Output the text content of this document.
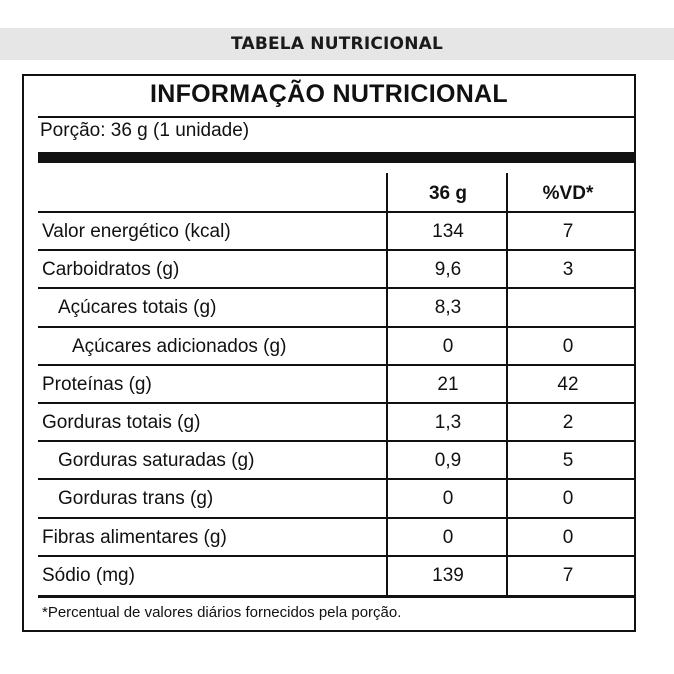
TABELA NUTRICIONAL
INFORMAÇÃO NUTRICIONAL
Porção: 36 g (1 unidade)
36 g	%VD*
Valor energético (kcal)	134	7
Carboidratos (g)	9,6	3
Açúcares totais (g)	8,3
Açúcares adicionados (g)	0	0
Proteínas (g)	21	42
Gorduras totais (g)	1,3	2
Gorduras saturadas (g)	0,9	5
Gorduras trans (g)	0	0
Fibras alimentares (g)	0	0
Sódio (mg)	139	7
*Percentual de valores diários fornecidos pela porção.
